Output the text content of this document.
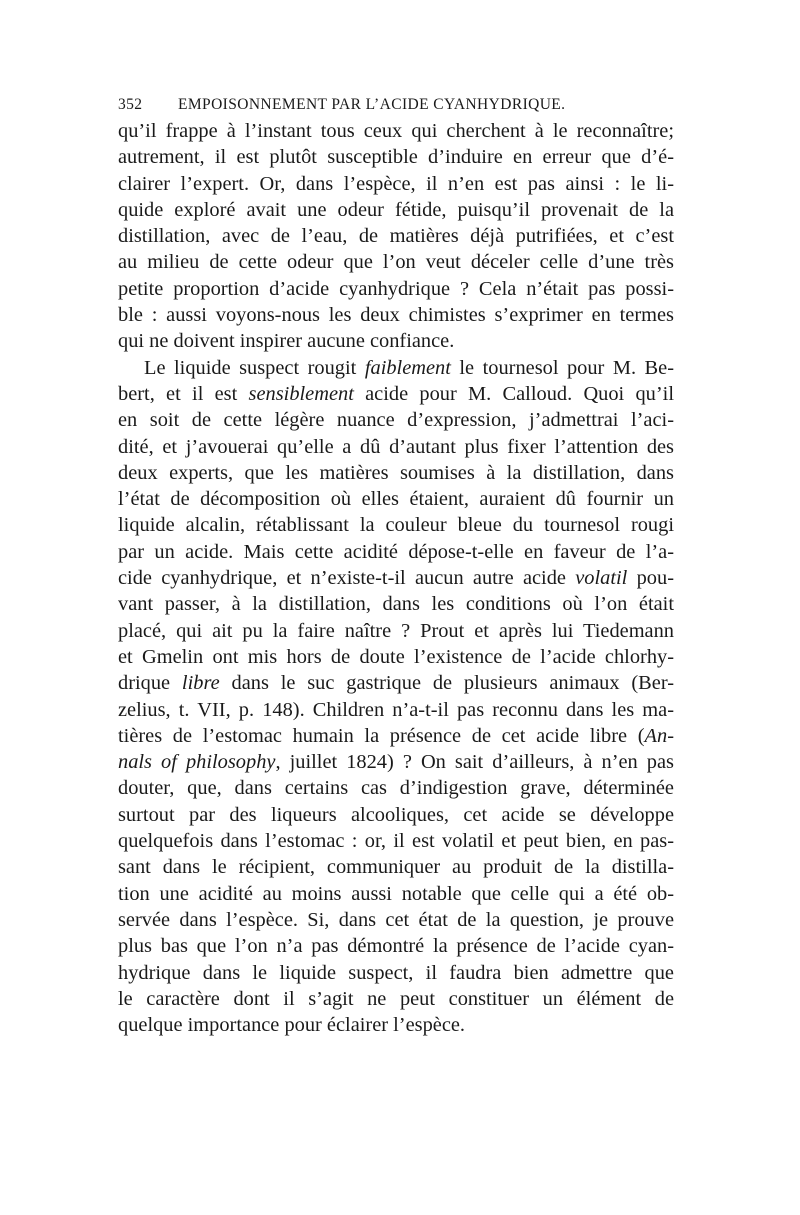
352 EMPOISONNEMENT PAR L’ACIDE CYANHYDRIQUE.
qu’il frappe à l’instant tous ceux qui cherchent à le reconnaître;
autrement, il est plutôt susceptible d’induire en erreur que d’é-
clairer l’expert. Or, dans l’espèce, il n’en est pas ainsi : le li-
quide exploré avait une odeur fétide, puisqu’il provenait de la
distillation, avec de l’eau, de matières déjà putrifiées, et c’est
au milieu de cette odeur que l’on veut déceler celle d’une très
petite proportion d’acide cyanhydrique ? Cela n’était pas possi-
ble : aussi voyons-nous les deux chimistes s’exprimer en termes
qui ne doivent inspirer aucune confiance.
Le liquide suspect rougit faiblement le tournesol pour M. Be-
bert, et il est sensiblement acide pour M. Calloud. Quoi qu’il
en soit de cette légère nuance d’expression, j’admettrai l’aci-
dité, et j’avouerai qu’elle a dû d’autant plus fixer l’attention des
deux experts, que les matières soumises à la distillation, dans
l’état de décomposition où elles étaient, auraient dû fournir un
liquide alcalin, rétablissant la couleur bleue du tournesol rougi
par un acide. Mais cette acidité dépose-t-elle en faveur de l’a-
cide cyanhydrique, et n’existe-t-il aucun autre acide volatil pou-
vant passer, à la distillation, dans les conditions où l’on était
placé, qui ait pu la faire naître ? Prout et après lui Tiedemann
et Gmelin ont mis hors de doute l’existence de l’acide chlorhy-
drique libre dans le suc gastrique de plusieurs animaux (Ber-
zelius, t. VII, p. 148). Children n’a-t-il pas reconnu dans les ma-
tières de l’estomac humain la présence de cet acide libre (An-
nals of philosophy, juillet 1824) ? On sait d’ailleurs, à n’en pas
douter, que, dans certains cas d’indigestion grave, déterminée
surtout par des liqueurs alcooliques, cet acide se développe
quelquefois dans l’estomac : or, il est volatil et peut bien, en pas-
sant dans le récipient, communiquer au produit de la distilla-
tion une acidité au moins aussi notable que celle qui a été ob-
servée dans l’espèce. Si, dans cet état de la question, je prouve
plus bas que l’on n’a pas démontré la présence de l’acide cyan-
hydrique dans le liquide suspect, il faudra bien admettre que
le caractère dont il s’agit ne peut constituer un élément de
quelque importance pour éclairer l’espèce.
